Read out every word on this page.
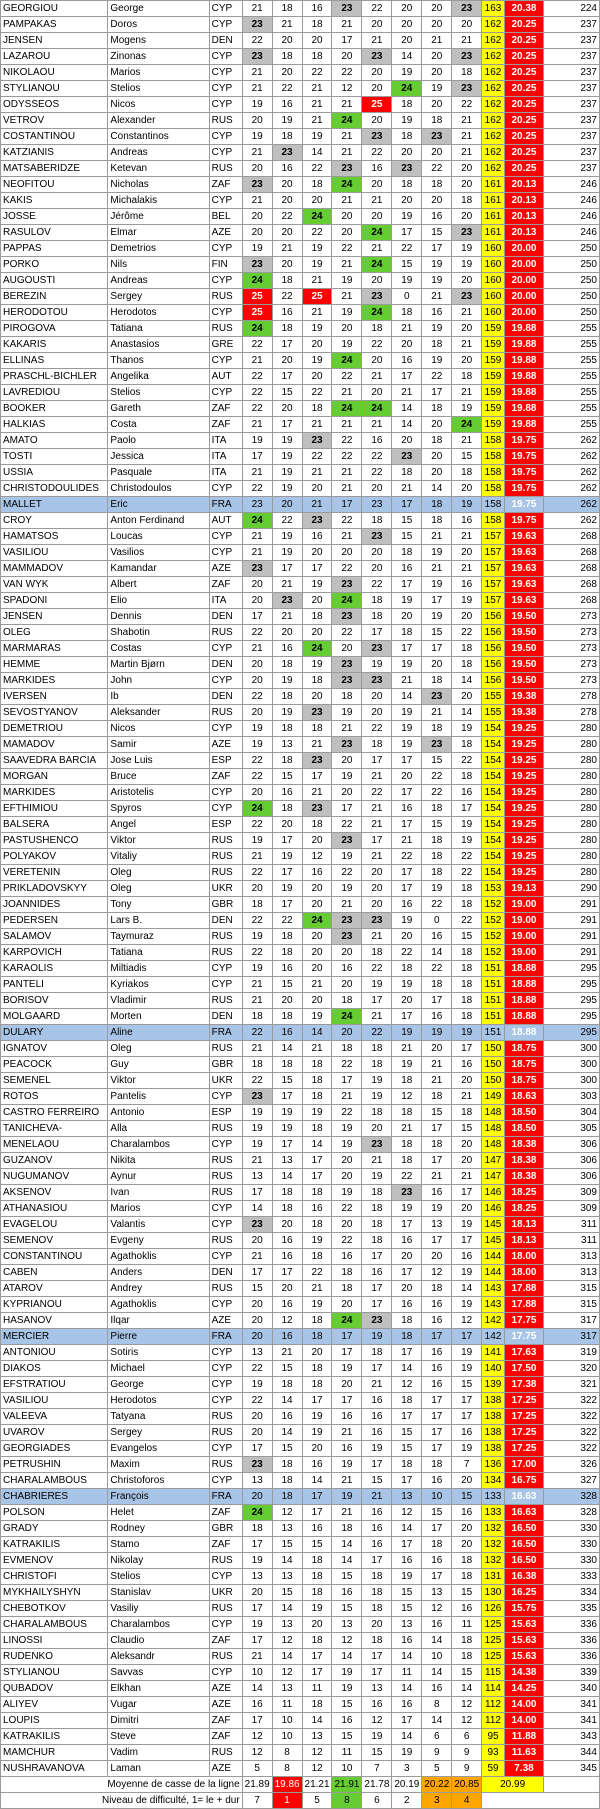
GEORGIOU	George	CYP	21	18	16	23	22	20	20	23	163	20.38	224
PAMPAKAS	Doros	CYP	23	21	18	21	20	20	20	20	162	20.25	237
JENSEN	Mogens	DEN	22	20	20	17	21	20	21	21	162	20.25	237
LAZAROU	Zinonas	CYP	23	18	18	20	23	14	20	23	162	20.25	237
NIKOLAOU	Marios	CYP	21	20	22	22	20	19	20	18	162	20.25	237
STYLIANOU	Stelios	CYP	21	22	21	12	20	24	19	23	162	20.25	237
ODYSSEOS	Nicos	CYP	19	16	21	21	25	18	20	22	162	20.25	237
VETROV	Alexander	RUS	20	19	21	24	20	19	18	21	162	20.25	237
COSTANTINOU	Constantinos	CYP	19	18	19	21	23	18	23	21	162	20.25	237
KATZIANIS	Andreas	CYP	21	23	14	21	22	20	20	21	162	20.25	237
MATSABERIDZE	Ketevan	RUS	20	16	22	23	16	23	22	20	162	20.25	237
NEOFITOU	Nicholas	ZAF	23	20	18	24	20	18	18	20	161	20.13	246
KAKIS	Michalakis	CYP	21	20	20	21	21	20	20	18	161	20.13	246
JOSSE	Jérôme	BEL	20	22	24	20	20	19	16	20	161	20.13	246
RASULOV	Elmar	AZE	20	20	22	20	24	17	15	23	161	20.13	246
PAPPAS	Demetrios	CYP	19	21	19	22	21	22	17	19	160	20.00	250
PORKO	Nils	FIN	23	20	19	21	24	15	19	19	160	20.00	250
AUGOUSTI	Andreas	CYP	24	18	21	19	20	19	19	20	160	20.00	250
BEREZIN	Sergey	RUS	25	22	25	21	23	0	21	23	160	20.00	250
HERODOTOU	Herodotos	CYP	25	16	21	19	24	18	16	21	160	20.00	250
PIROGOVA	Tatiana	RUS	24	18	19	20	18	21	19	20	159	19.88	255
KAKARIS	Anastasios	GRE	22	17	20	19	22	20	18	21	159	19.88	255
ELLINAS	Thanos	CYP	21	20	19	24	20	16	19	20	159	19.88	255
PRASCHL-BICHLER	Angelika	AUT	22	17	20	22	21	17	22	18	159	19.88	255
LAVREDIOU	Stelios	CYP	22	15	22	21	20	21	17	21	159	19.88	255
BOOKER	Gareth	ZAF	22	20	18	24	24	14	18	19	159	19.88	255
HALKIAS	Costa	ZAF	21	17	21	21	21	14	20	24	159	19.88	255
AMATO	Paolo	ITA	19	19	23	22	16	20	18	21	158	19.75	262
TOSTI	Jessica	ITA	17	19	22	22	22	23	20	15	158	19.75	262
USSIA	Pasquale	ITA	21	19	21	21	22	18	20	18	158	19.75	262
CHRISTODOULIDES	Christodoulos	CYP	22	19	20	21	20	21	14	20	158	19.75	262
MALLET	Eric	FRA	23	20	21	17	23	17	18	19	158	19.75	262
CROY	Anton Ferdinand	AUT	24	22	23	22	18	15	18	16	158	19.75	262
HAMATSOS	Loucas	CYP	21	19	16	21	23	15	21	21	157	19.63	268
VASILIOU	Vasilios	CYP	21	19	20	20	20	18	19	20	157	19.63	268
MAMMADOV	Kamandar	AZE	23	17	17	22	20	16	21	21	157	19.63	268
VAN WYK	Albert	ZAF	20	21	19	23	22	17	19	16	157	19.63	268
SPADONI	Elio	ITA	20	23	20	24	18	19	17	19	157	19.63	268
JENSEN	Dennis	DEN	17	21	18	23	18	20	19	20	156	19.50	273
OLEG	Shabotin	RUS	22	20	20	22	17	18	15	22	156	19.50	273
MARMARAS	Costas	CYP	21	16	24	20	23	17	17	18	156	19.50	273
HEMME	Martin Bjørn	DEN	20	18	19	23	19	19	20	18	156	19.50	273
MARKIDES	John	CYP	20	19	18	23	23	21	18	14	156	19.50	273
IVERSEN	Ib	DEN	22	18	20	18	20	14	23	20	155	19.38	278
SEVOSTYANOV	Aleksander	RUS	20	19	23	19	20	19	21	14	155	19.38	278
DEMETRIOU	Nicos	CYP	19	18	18	21	22	19	18	19	154	19.25	280
MAMADOV	Samir	AZE	19	13	21	23	18	19	23	18	154	19.25	280
SAAVEDRA BARCIA	Jose Luis	ESP	22	18	23	20	17	17	15	22	154	19.25	280
MORGAN	Bruce	ZAF	22	15	17	19	21	20	22	18	154	19.25	280
MARKIDES	Aristotelis	CYP	20	16	21	20	22	17	22	16	154	19.25	280
EFTHIMIOU	Spyros	CYP	24	18	23	17	21	16	18	17	154	19.25	280
BALSERA	Angel	ESP	22	20	18	22	21	17	15	19	154	19.25	280
PASTUSHENCO	Viktor	RUS	19	17	20	23	17	21	18	19	154	19.25	280
POLYAKOV	Vitaliy	RUS	21	19	12	19	21	22	18	22	154	19.25	280
VERETENIN	Oleg	RUS	22	17	16	22	20	17	18	22	154	19.25	280
PRIKLADOVSKYY	Oleg	UKR	20	19	20	19	20	17	19	18	153	19.13	290
JOANNIDES	Tony	GBR	18	17	20	21	20	16	22	18	152	19.00	291
PEDERSEN	Lars B.	DEN	22	22	24	23	23	19	0	22	152	19.00	291
SALAMOV	Taymuraz	RUS	19	18	20	23	21	20	16	15	152	19.00	291
KARPOVICH	Tatiana	RUS	22	18	20	20	18	22	14	18	152	19.00	291
KARAOLIS	Miltiadis	CYP	19	16	20	16	22	18	22	18	151	18.88	295
PANTELI	Kyriakos	CYP	21	15	21	20	19	19	18	18	151	18.88	295
BORISOV	Vladimir	RUS	21	20	20	18	17	20	17	18	151	18.88	295
MOLGAARD	Morten	DEN	18	18	19	24	21	17	16	18	151	18.88	295
DULARY	Aline	FRA	22	16	14	20	22	19	19	19	151	18.88	295
IGNATOV	Oleg	RUS	21	14	21	18	18	21	20	17	150	18.75	300
PEACOCK	Guy	GBR	18	18	18	22	18	19	21	16	150	18.75	300
SEMENEL	Viktor	UKR	22	15	18	17	19	18	21	20	150	18.75	300
ROTOS	Pantelis	CYP	23	17	18	21	19	12	18	21	149	18.63	303
CASTRO FERREIRO	Antonio	ESP	19	19	19	22	18	18	15	18	148	18.50	304
TANICHEVA-	Alla	RUS	19	19	18	19	20	21	17	15	148	18.50	305
MENELAOU	Charalambos	CYP	19	17	14	19	23	18	18	20	148	18.38	306
GUZANOV	Nikita	RUS	21	13	17	20	21	18	17	20	147	18.38	306
NUGUMANOV	Aynur	RUS	13	14	17	20	19	22	21	21	147	18.38	306
AKSENOV	Ivan	RUS	17	18	18	19	18	23	16	17	146	18.25	309
ATHANASIOU	Marios	CYP	14	18	16	22	18	19	19	20	146	18.25	309
EVAGELOU	Valantis	CYP	23	20	18	20	18	17	13	19	145	18.13	311
SEMENOV	Evgeny	RUS	20	16	19	22	18	16	17	17	145	18.13	311
CONSTANTINOU	Agathoklis	CYP	21	16	18	16	17	20	20	16	144	18.00	313
CABEN	Anders	DEN	17	17	22	18	16	17	12	19	144	18.00	313
ATAROV	Andrey	RUS	15	20	21	18	17	20	18	14	143	17.88	315
KYPRIANOU	Agathoklis	CYP	20	16	19	20	17	16	16	19	143	17.88	315
HASANOV	Ilqar	AZE	20	12	18	24	23	18	16	12	142	17.75	317
MERCIER	Pierre	FRA	20	16	18	17	19	18	17	17	142	17.75	317
ANTONIOU	Sotiris	CYP	13	21	20	17	18	17	16	19	141	17.63	319
DIAKOS	Michael	CYP	22	15	18	19	17	14	16	19	140	17.50	320
EFSTRATIOU	George	CYP	19	18	18	20	21	12	16	15	139	17.38	321
VASILIOU	Herodotos	CYP	22	14	17	17	16	18	17	17	138	17.25	322
VALEEVA	Tatyana	RUS	20	16	19	16	16	17	17	17	138	17.25	322
UVAROV	Sergey	RUS	20	14	19	21	16	15	17	16	138	17.25	322
GEORGIADES	Evangelos	CYP	17	15	20	16	19	15	17	19	138	17.25	322
PETRUSHIN	Maxim	RUS	23	18	16	19	17	18	18	7	136	17.00	326
CHARALAMBOUS	Christoforos	CYP	13	18	14	21	15	17	16	20	134	16.75	327
CHABRIERES	François	FRA	20	18	17	19	21	13	10	15	133	16.63	328
POLSON	Helet	ZAF	24	12	17	21	16	12	15	16	133	16.63	328
GRADY	Rodney	GBR	18	13	16	18	16	14	17	20	132	16.50	330
KATRAKILIS	Stamo	ZAF	17	15	15	14	16	17	18	20	132	16.50	330
EVMENOV	Nikolay	RUS	19	14	18	14	17	16	16	18	132	16.50	330
CHRISTOFI	Stelios	CYP	13	13	18	15	18	19	17	18	131	16.38	333
MYKHAILYSHYN	Stanislav	UKR	20	15	18	16	18	15	13	15	130	16.25	334
CHEBOTKOV	Vasiliy	RUS	17	14	19	15	18	15	12	16	126	15.75	335
CHARALAMBOUS	Charalambos	CYP	19	13	20	13	20	13	16	11	125	15.63	336
LINOSSI	Claudio	ZAF	17	12	18	12	18	16	14	18	125	15.63	336
RUDENKO	Aleksandr	RUS	21	14	17	14	17	14	10	18	125	15.63	336
STYLIANOU	Savvas	CYP	10	12	17	19	17	11	14	15	115	14.38	339
QUBADOV	Elkhan	AZE	14	13	11	19	13	14	16	14	114	14.25	340
ALIYEV	Vugar	AZE	16	11	18	15	16	16	8	12	112	14.00	341
LOUPIS	Dimitri	ZAF	17	10	14	16	12	17	14	12	112	14.00	341
KATRAKILIS	Steve	ZAF	12	10	13	15	19	14	6	6	95	11.88	343
MAMCHUR	Vadim	RUS	12	8	12	11	15	19	9	9	93	11.63	344
NUSHRAVANOVA	Laman	AZE	5	8	12	10	7	3	5	9	59	7.38	345
Moyenne de casse de la ligne			21.89	19.86	21.21	21.91	21.78	20.19	20.22	20.85	20.99		
Niveau de difficulté, 1= le + dur			7	1	5	8	6	2	3	4			
